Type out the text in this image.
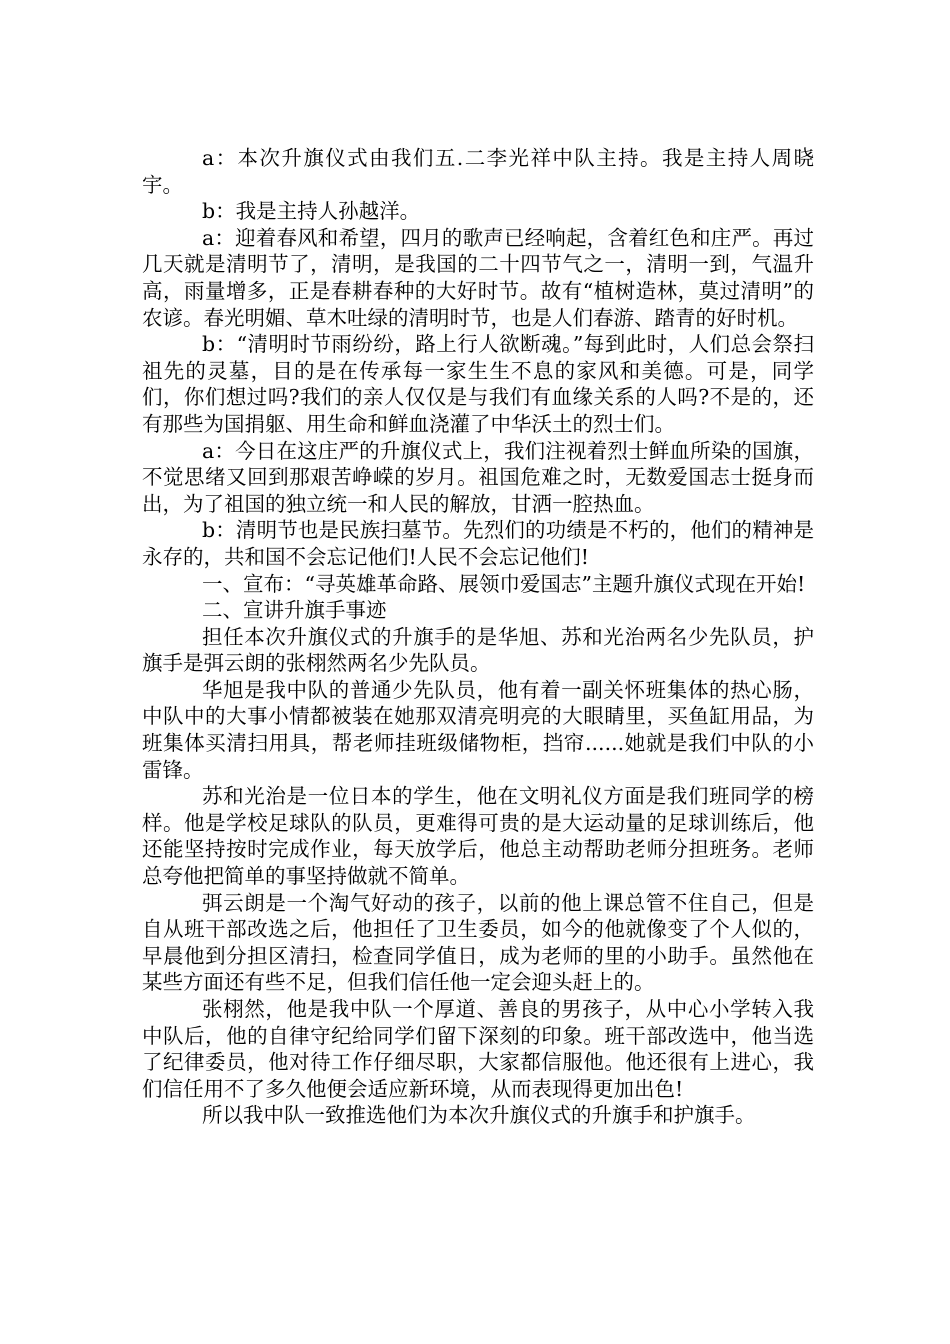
a：本次升旗仪式由我们五.二李光祥中队主持。我是主持人周晓宇。

b：我是主持人孙越洋。

a：迎着春风和希望，四月的歌声已经响起，含着红色和庄严。再过几天就是清明节了，清明，是我国的二十四节气之一，清明一到，气温升高，雨量增多，正是春耕春种的大好时节。故有“植树造林，莫过清明”的农谚。春光明媚、草木吐绿的清明时节，也是人们春游、踏青的好时机。

b：“清明时节雨纷纷，路上行人欲断魂。”每到此时，人们总会祭扫祖先的灵墓，目的是在传承每一家生生不息的家风和美德。可是，同学们，你们想过吗?我们的亲人仅仅是与我们有血缘关系的人吗?不是的，还有那些为国捐躯、用生命和鲜血浇灌了中华沃土的烈士们。

a：今日在这庄严的升旗仪式上，我们注视着烈士鲜血所染的国旗，不觉思绪又回到那艰苦峥嵘的岁月。祖国危难之时，无数爱国志士挺身而出，为了祖国的独立统一和人民的解放，甘洒一腔热血。

b：清明节也是民族扫墓节。先烈们的功绩是不朽的，他们的精神是永存的，共和国不会忘记他们!人民不会忘记他们!

一、宣布：“寻英雄革命路、展领巾爱国志”主题升旗仪式现在开始!

二、宣讲升旗手事迹

担任本次升旗仪式的升旗手的是华旭、苏和光治两名少先队员，护旗手是弭云朗的张栩然两名少先队员。

华旭是我中队的普通少先队员，他有着一副关怀班集体的热心肠，中队中的大事小情都被装在她那双清亮明亮的大眼睛里，买鱼缸用品，为班集体买清扫用具，帮老师挂班级储物柜，挡帘......她就是我们中队的小雷锋。

苏和光治是一位日本的学生，他在文明礼仪方面是我们班同学的榜样。他是学校足球队的队员，更难得可贵的是大运动量的足球训练后，他还能坚持按时完成作业，每天放学后，他总主动帮助老师分担班务。老师总夸他把简单的事坚持做就不简单。

弭云朗是一个淘气好动的孩子，以前的他上课总管不住自己，但是自从班干部改选之后，他担任了卫生委员，如今的他就像变了个人似的，早晨他到分担区清扫，检查同学值日，成为老师的里的小助手。虽然他在某些方面还有些不足，但我们信任他一定会迎头赶上的。

张栩然，他是我中队一个厚道、善良的男孩子，从中心小学转入我中队后，他的自律守纪给同学们留下深刻的印象。班干部改选中，他当选了纪律委员，他对待工作仔细尽职，大家都信服他。他还很有上进心，我们信任用不了多久他便会适应新环境，从而表现得更加出色!

所以我中队一致推选他们为本次升旗仪式的升旗手和护旗手。
